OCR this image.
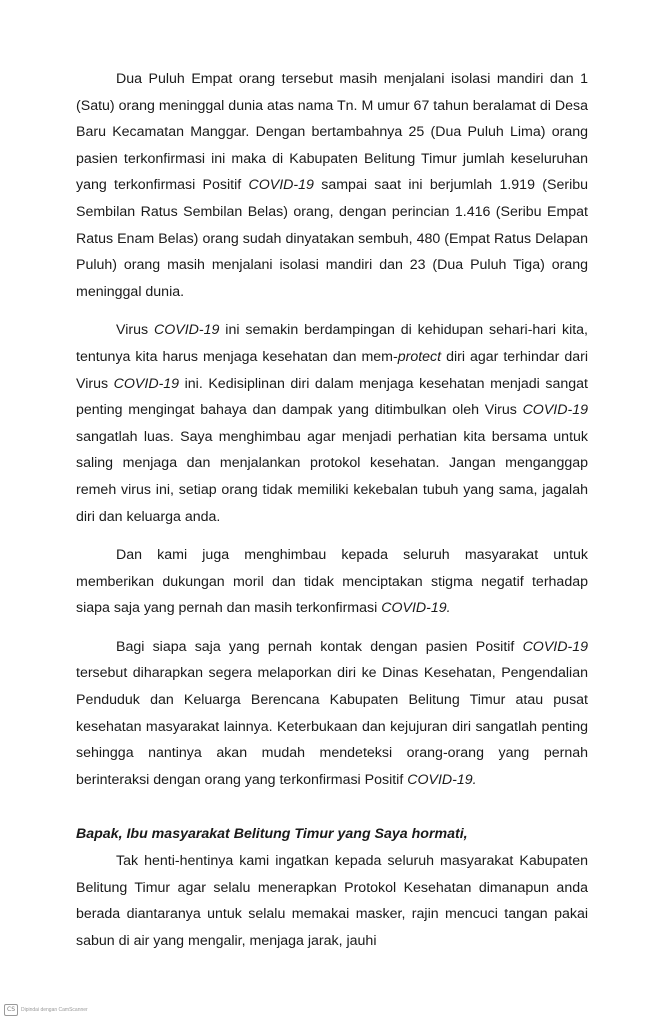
Dua Puluh Empat orang tersebut masih menjalani isolasi mandiri dan 1 (Satu) orang meninggal dunia atas nama Tn. M umur 67 tahun beralamat di Desa Baru Kecamatan Manggar. Dengan bertambahnya 25 (Dua Puluh Lima) orang pasien terkonfirmasi ini maka di Kabupaten Belitung Timur jumlah keseluruhan yang terkonfirmasi Positif COVID-19 sampai saat ini berjumlah 1.919 (Seribu Sembilan Ratus Sembilan Belas) orang, dengan perincian 1.416 (Seribu Empat Ratus Enam Belas) orang sudah dinyatakan sembuh, 480 (Empat Ratus Delapan Puluh) orang masih menjalani isolasi mandiri dan 23 (Dua Puluh Tiga) orang meninggal dunia.

Virus COVID-19 ini semakin berdampingan di kehidupan sehari-hari kita, tentunya kita harus menjaga kesehatan dan mem-protect diri agar terhindar dari Virus COVID-19 ini. Kedisiplinan diri dalam menjaga kesehatan menjadi sangat penting mengingat bahaya dan dampak yang ditimbulkan oleh Virus COVID-19 sangatlah luas. Saya menghimbau agar menjadi perhatian kita bersama untuk saling menjaga dan menjalankan protokol kesehatan. Jangan menganggap remeh virus ini, setiap orang tidak memiliki kekebalan tubuh yang sama, jagalah diri dan keluarga anda.

Dan kami juga menghimbau kepada seluruh masyarakat untuk memberikan dukungan moril dan tidak menciptakan stigma negatif terhadap siapa saja yang pernah dan masih terkonfirmasi COVID-19.

Bagi siapa saja yang pernah kontak dengan pasien Positif COVID-19 tersebut diharapkan segera melaporkan diri ke Dinas Kesehatan, Pengendalian Penduduk dan Keluarga Berencana Kabupaten Belitung Timur atau pusat kesehatan masyarakat lainnya. Keterbukaan dan kejujuran diri sangatlah penting sehingga nantinya akan mudah mendeteksi orang-orang yang pernah berinteraksi dengan orang yang terkonfirmasi Positif COVID-19.

Bapak, Ibu masyarakat Belitung Timur yang Saya hormati,

Tak henti-hentinya kami ingatkan kepada seluruh masyarakat Kabupaten Belitung Timur agar selalu menerapkan Protokol Kesehatan dimanapun anda berada diantaranya untuk selalu memakai masker, rajin mencuci tangan pakai sabun di air yang mengalir, menjaga jarak, jauhi

CS	Dipindai dengan CamScanner
